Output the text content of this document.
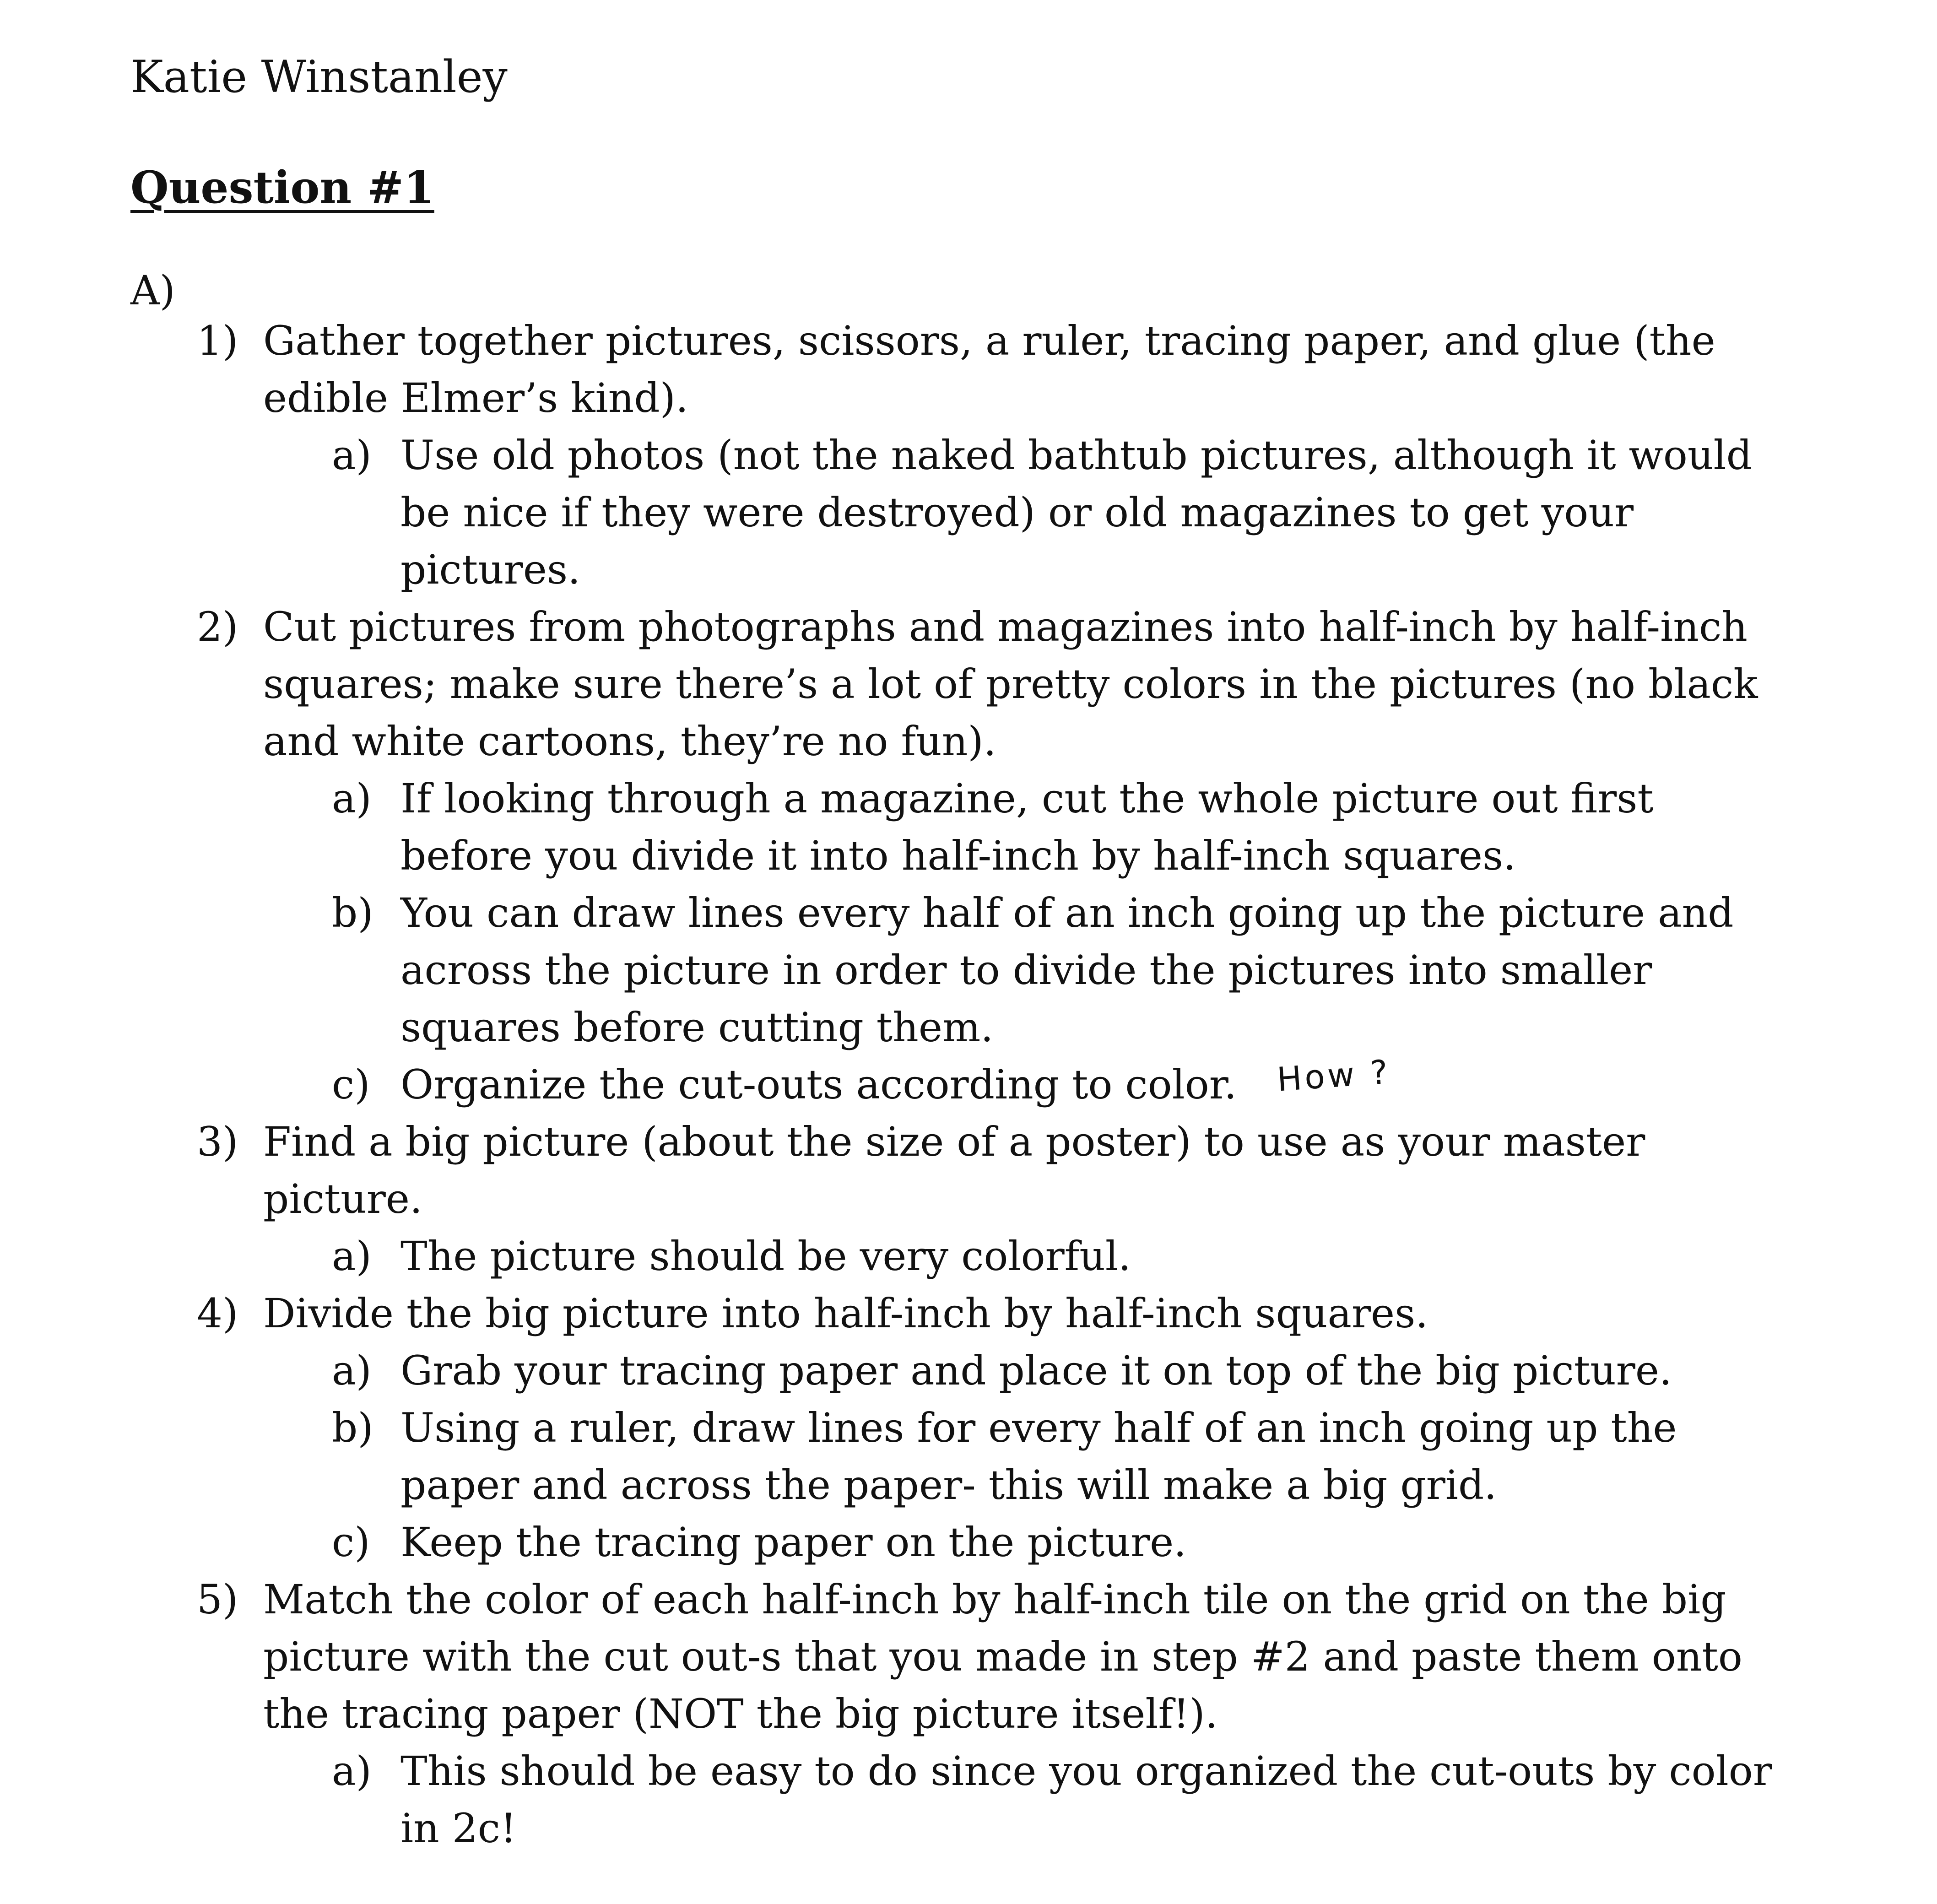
Katie Winstanley
Question #1
A)
1) Gather together pictures, scissors, a ruler, tracing paper, and glue (the
edible Elmer’s kind).
a) Use old photos (not the naked bathtub pictures, although it would
be nice if they were destroyed) or old magazines to get your
pictures.
2) Cut pictures from photographs and magazines into half-inch by half-inch
squares; make sure there’s a lot of pretty colors in the pictures (no black
and white cartoons, they’re no fun).
a) If looking through a magazine, cut the whole picture out first
before you divide it into half-inch by half-inch squares.
b) You can draw lines every half of an inch going up the picture and
across the picture in order to divide the pictures into smaller
squares before cutting them.
c) Organize the cut-outs according to color.
3) Find a big picture (about the size of a poster) to use as your master
picture.
a) The picture should be very colorful.
4) Divide the big picture into half-inch by half-inch squares.
a) Grab your tracing paper and place it on top of the big picture.
b) Using a ruler, draw lines for every half of an inch going up the
paper and across the paper- this will make a big grid.
c) Keep the tracing paper on the picture.
5) Match the color of each half-inch by half-inch tile on the grid on the big
picture with the cut out-s that you made in step #2 and paste them onto
the tracing paper (NOT the big picture itself!).
a) This should be easy to do since you organized the cut-outs by color
in 2c!
How ?
